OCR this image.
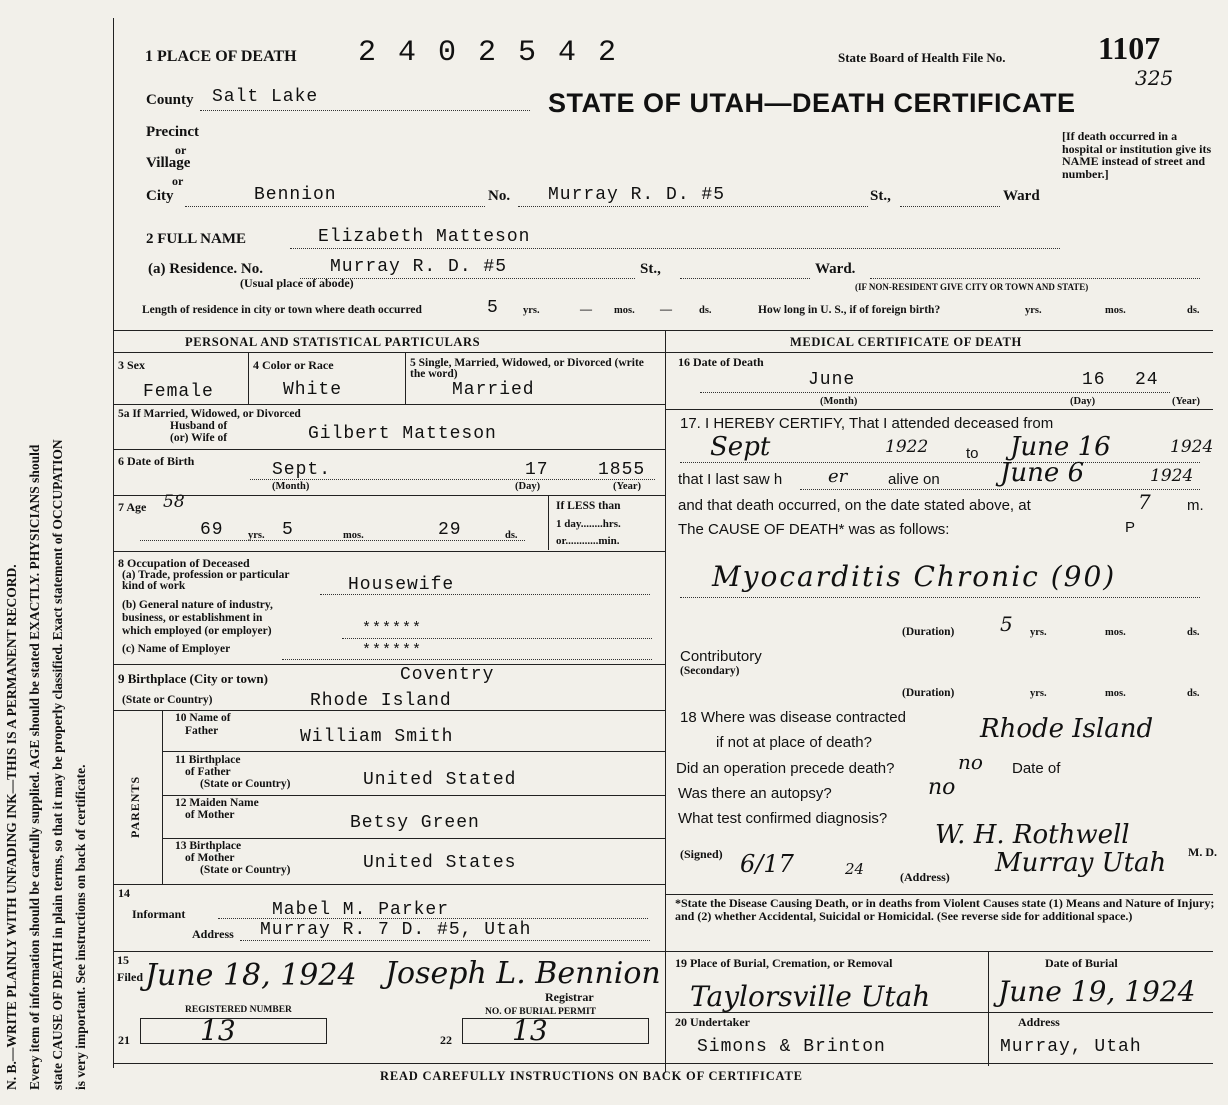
N. B.—WRITE PLAINLY WITH UNFADING INK—THIS IS A PERMANENT RECORD. Every item of information should be carefully supplied. AGE should be stated EXACTLY. PHYSICIANS should state CAUSE OF DEATH in plain terms, so that it may be properly classified. Exact statement of OCCUPATION is very important. See instructions on back of certificate.
1 PLACE OF DEATH 2 4 0 2 5 4 2	State Board of Health File No.	1107
325
STATE OF UTAH—DEATH CERTIFICATE
[If death occurred in a hospital or institution give its NAME instead of street and number.]
County Salt Lake
Precinct
or
Village
or
City	Bennion	No. Murray R. D. #5	St.,	Ward
2 FULL NAME	Elizabeth Matteson
(a) Residence. No.	Murray R. D. #5	St.,	Ward.
(Usual place of abode)	(IF NON-RESIDENT GIVE CITY OR TOWN AND STATE)
Length of residence in city or town where death occurred	5 yrs.	— mos. —	ds.	How long in U. S., if of foreign birth?	yrs.	mos.	ds.
PERSONAL AND STATISTICAL PARTICULARS
3 Sex
Female
4 Color or Race
White
5 Single, Married, Widowed, or Divorced (write the word)
Married
5a If Married, Widowed, or Divorced
Husband of
(or) Wife of	Gilbert Matteson
6 Date of Birth	Sept.	17	1855
(Month)	(Day)	(Year)
7 Age 58
69 yrs. 5	mos.	29	ds.
If LESS than
1 day........hrs.
or............min.
8 Occupation of Deceased
(a) Trade, profession or particular kind of work	Housewife
(b) General nature of industry,
business, or establishment in
which employed (or employer)	******
(c) Name of Employer	******
9 Birthplace (City or town)	Coventry
(State or Country)	Rhode Island
PARENTS
10 Name of
Father	William Smith
11 Birthplace
of Father
(State or Country)	United Stated
12 Maiden Name
of Mother	Betsy Green
13 Birthplace
of Mother
(State or Country)	United States
14
Informant	Mabel M. Parker
Address Murray R. 7 D. #5, Utah
15
Filed June 18, 1924 Joseph L. Bennion
Registrar
REGISTERED NUMBER
21	13
NO. OF BURIAL PERMIT
22 13
READ CAREFULLY INSTRUCTIONS ON BACK OF CERTIFICATE
MEDICAL CERTIFICATE OF DEATH
16 Date of Death
June	16 24
(Month)	(Day)	(Year)
17. I HEREBY CERTIFY, That I attended deceased from
Sept	1922	to June 16	1924
that I last saw h	er	alive on June 6	1924
and that death occurred, on the date stated above, at	7 m.
The CAUSE OF DEATH* was as follows:	P
Myocarditis Chronic (90)
(Duration) 5 yrs.	mos.	ds.
Contributory
(Secondary)
(Duration)	yrs.	mos.	ds.
18 Where was disease contracted
if not at place of death?	Rhode Island
Did an operation precede death?	no Date of
Was there an autopsy?	no
What test confirmed diagnosis?
(Signed)
W. H. Rothwell
M. D.
6/17	24	(Address) Murray Utah
*State the Disease Causing Death, or in deaths from Violent Causes state (1) Means and Nature of Injury; and (2) whether Accidental, Suicidal or Homicidal. (See reverse side for additional space.)
19 Place of Burial, Cremation, or Removal
Taylorsville Utah
Date of Burial
June 19, 1924
20 Undertaker
Simons & Brinton
Address
Murray, Utah
